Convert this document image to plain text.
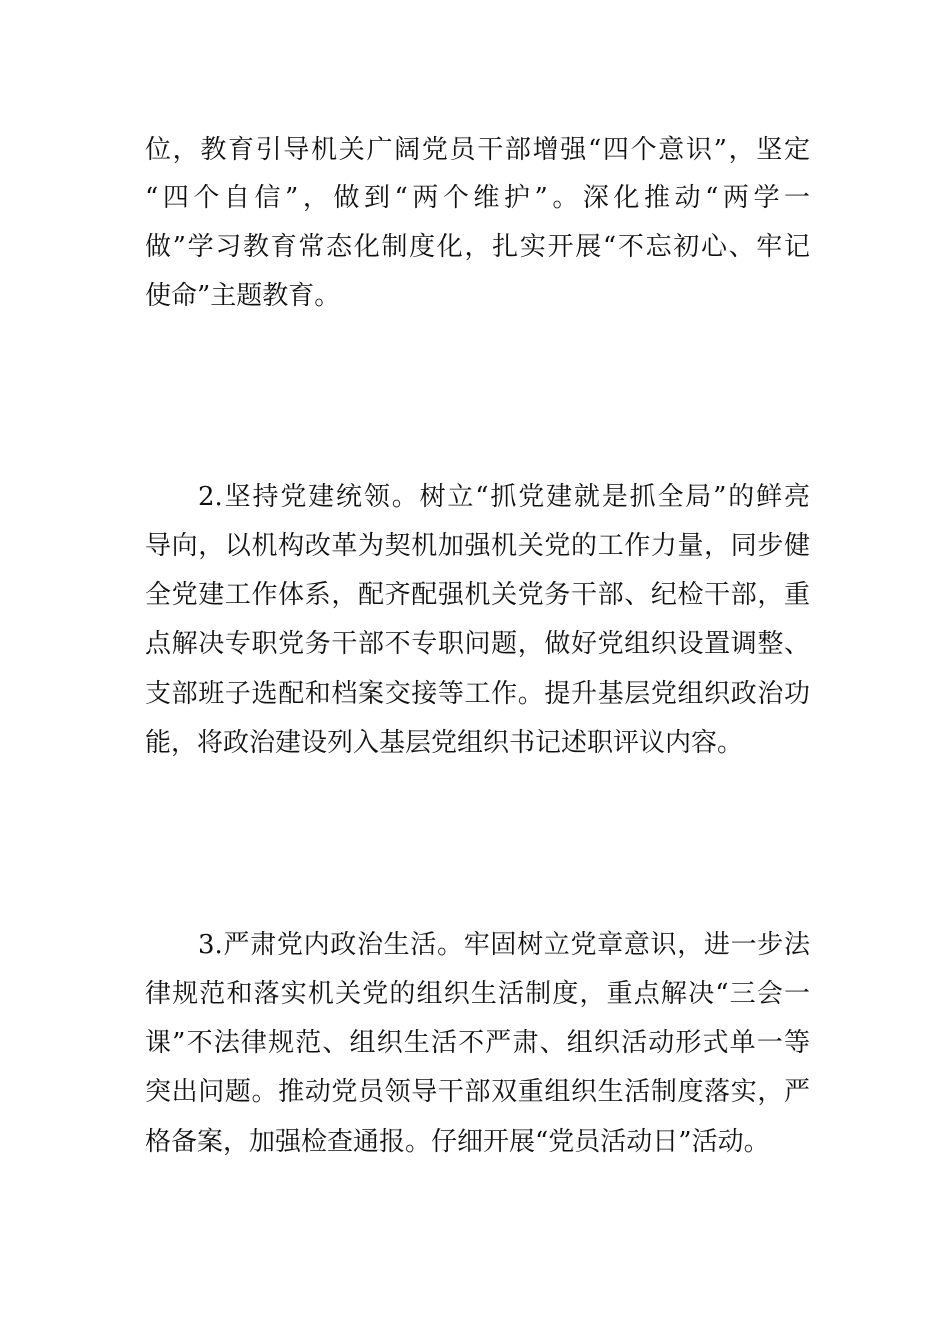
位，教育引导机关广阔党员干部增强“四个意识”，坚定
“四个自信”，做到“两个维护”。深化推动“两学一
做”学习教育常态化制度化，扎实开展“不忘初心、牢记
使命”主题教育。
2.坚持党建统领。树立“抓党建就是抓全局”的鲜亮
导向，以机构改革为契机加强机关党的工作力量，同步健
全党建工作体系，配齐配强机关党务干部、纪检干部，重
点解决专职党务干部不专职问题，做好党组织设置调整、
支部班子选配和档案交接等工作。提升基层党组织政治功
能，将政治建设列入基层党组织书记述职评议内容。
3.严肃党内政治生活。牢固树立党章意识，进一步法
律规范和落实机关党的组织生活制度，重点解决“三会一
课”不法律规范、组织生活不严肃、组织活动形式单一等
突出问题。推动党员领导干部双重组织生活制度落实，严
格备案，加强检查通报。仔细开展“党员活动日”活动。
